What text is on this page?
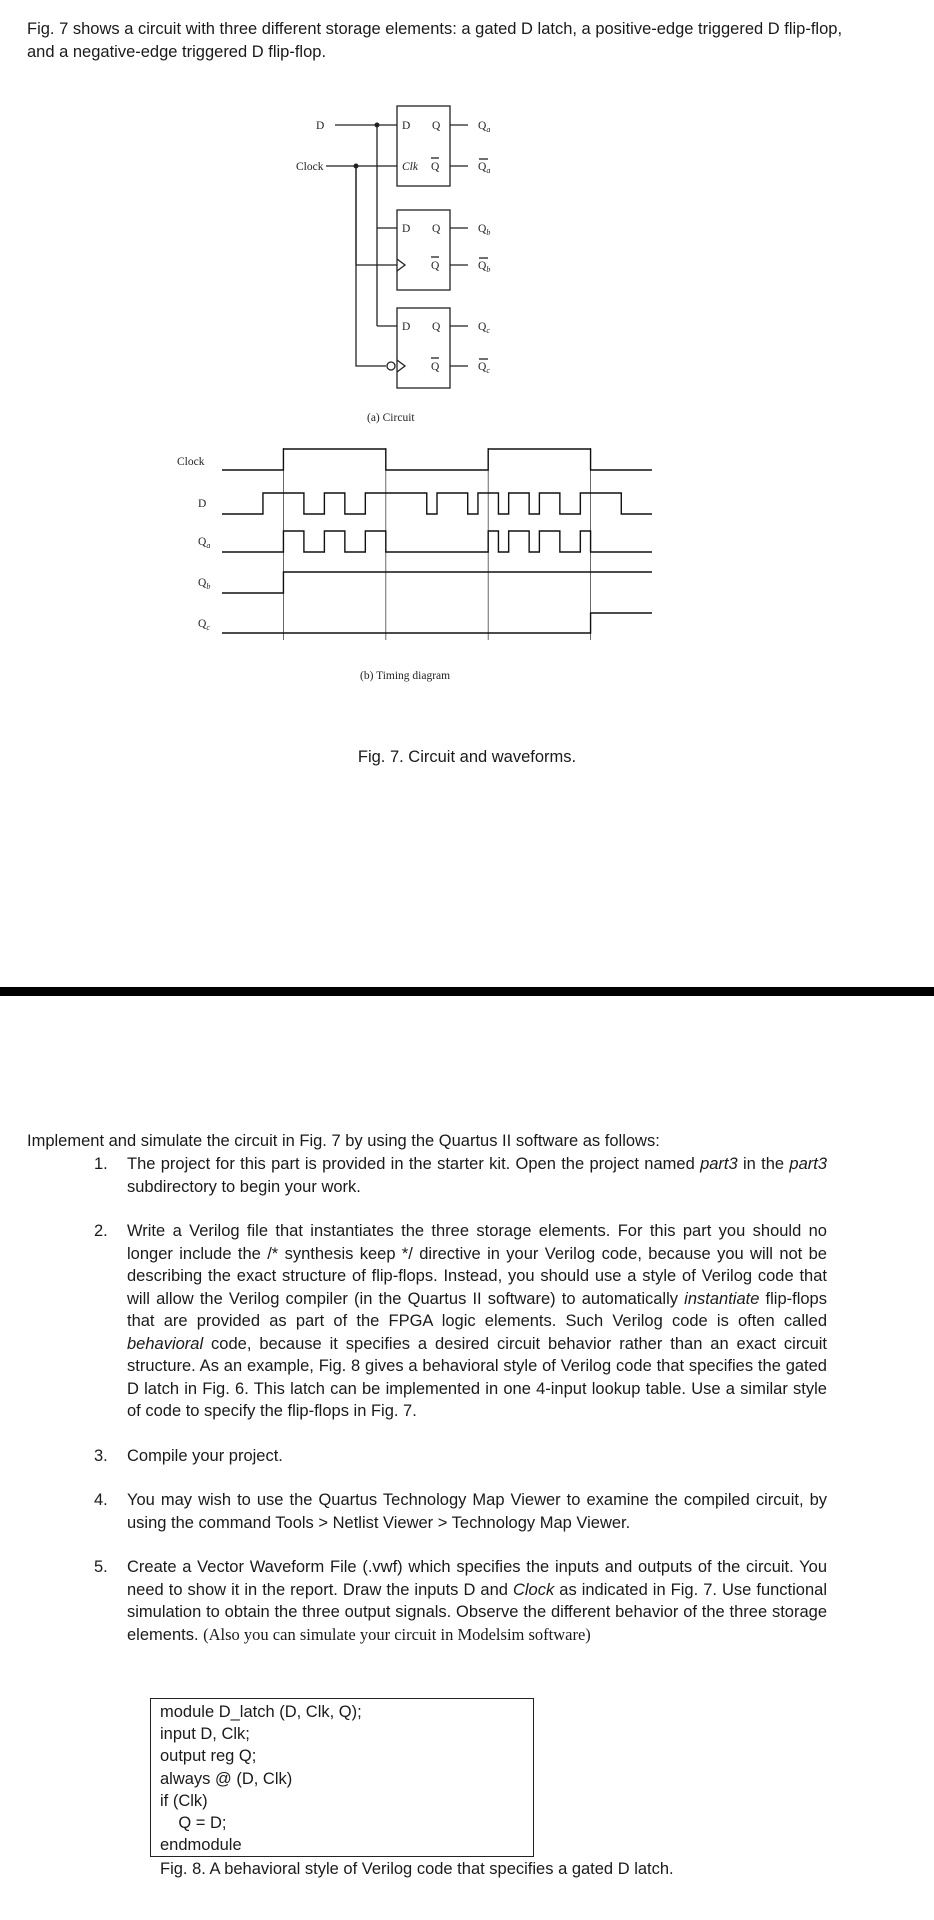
Fig. 7 shows a circuit with three different storage elements: a gated D latch, a positive-edge triggered D flip-flop, and a negative-edge triggered D flip-flop.

D
Clock
D Q
Clk Q
D Q
Q
D Q
Q
$Q_a$
$Q_a$
$Q_b$
$Q_b$
$Q_c$
$Q_c$
(a) Circuit
Clock
D
$Q_a$
$Q_b$
$Q_c$
(b) Timing diagram

Fig. 7. Circuit and waveforms.

Implement and simulate the circuit in Fig. 7 by using the Quartus II software as follows:

1. The project for this part is provided in the starter kit. Open the project named part3 in the part3 subdirectory to begin your work.
2. Write a Verilog file that instantiates the three storage elements. For this part you should no longer include the /* synthesis keep */ directive in your Verilog code, because you will not be describing the exact structure of flip-flops. Instead, you should use a style of Verilog code that will allow the Verilog compiler (in the Quartus II software) to automatically instantiate flip-flops that are provided as part of the FPGA logic elements. Such Verilog code is often called behavioral code, because it specifies a desired circuit behavior rather than an exact circuit structure. As an example, Fig. 8 gives a behavioral style of Verilog code that specifies the gated D latch in Fig. 6. This latch can be implemented in one 4-input lookup table. Use a similar style of code to specify the flip-flops in Fig. 7.
3. Compile your project.
4. You may wish to use the Quartus Technology Map Viewer to examine the compiled circuit, by using the command Tools > Netlist Viewer > Technology Map Viewer.
5. Create a Vector Waveform File (.vwf) which specifies the inputs and outputs of the circuit. You need to show it in the report. Draw the inputs D and Clock as indicated in Fig. 7. Use functional simulation to obtain the three output signals. Observe the different behavior of the three storage elements. (Also you can simulate your circuit in Modelsim software)
module D_latch (D, Clk, Q);
input D, Clk;
output reg Q;
always @ (D, Clk)
if (Clk)
Q = D;
endmodule

Fig. 8. A behavioral style of Verilog code that specifies a gated D latch.
